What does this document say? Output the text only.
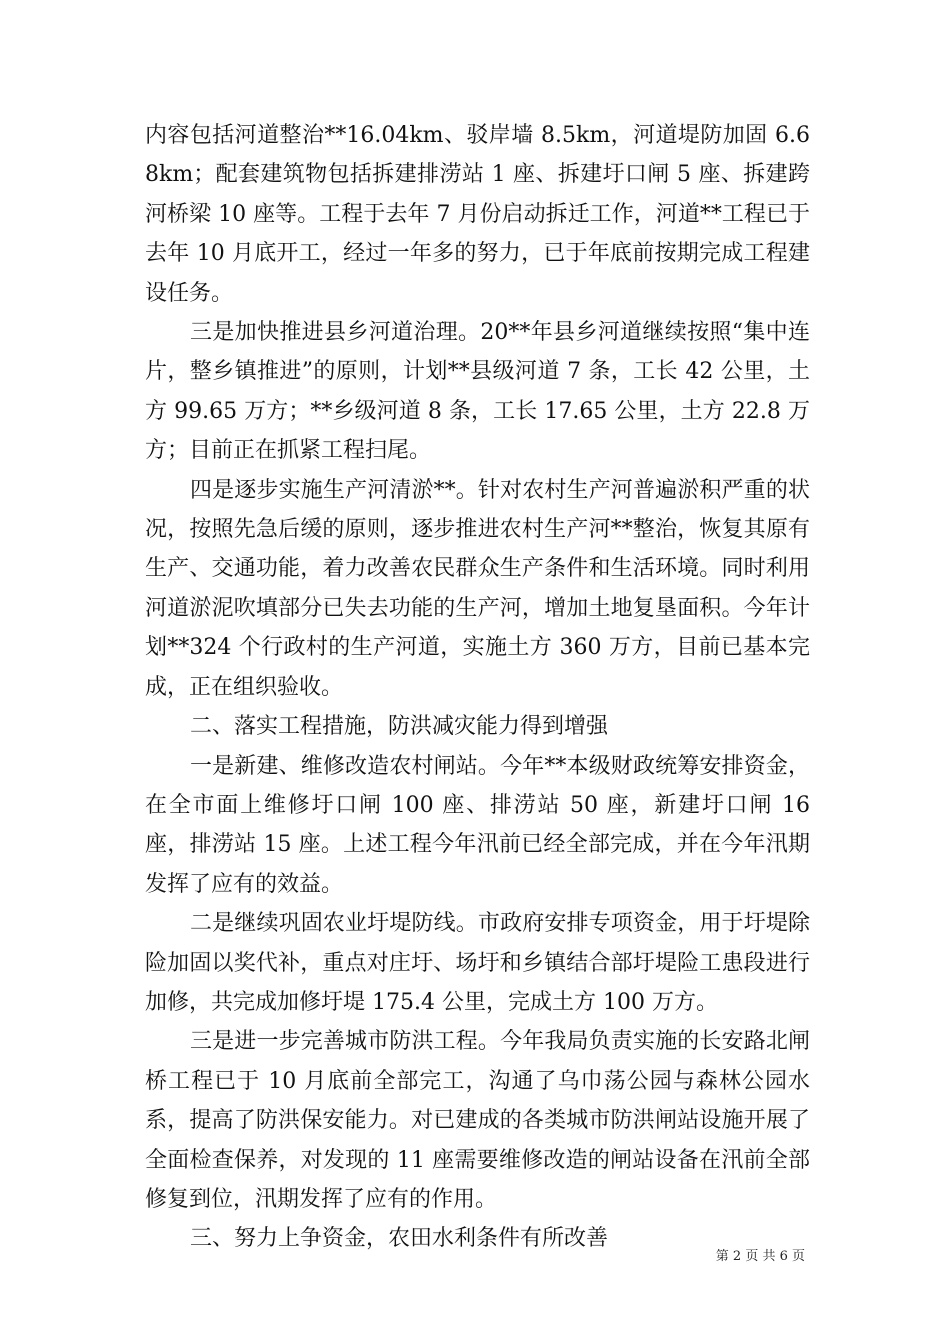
内容包括河道整治**16.04km、驳岸墙 8.5km，河道堤防加固 6.68km；配套建筑物包括拆建排涝站 1 座、拆建圩口闸 5 座、拆建跨河桥梁 10 座等。工程于去年 7 月份启动拆迁工作，河道**工程已于去年 10 月底开工，经过一年多的努力，已于年底前按期完成工程建设任务。

三是加快推进县乡河道治理。20**年县乡河道继续按照“集中连片，整乡镇推进”的原则，计划**县级河道 7 条，工长 42 公里，土方 99.65 万方；**乡级河道 8 条，工长 17.65 公里，土方 22.8 万方；目前正在抓紧工程扫尾。

四是逐步实施生产河清淤**。针对农村生产河普遍淤积严重的状况，按照先急后缓的原则，逐步推进农村生产河**整治，恢复其原有生产、交通功能，着力改善农民群众生产条件和生活环境。同时利用河道淤泥吹填部分已失去功能的生产河，增加土地复垦面积。今年计划**324 个行政村的生产河道，实施土方 360 万方，目前已基本完成，正在组织验收。

二、落实工程措施，防洪减灾能力得到增强

一是新建、维修改造农村闸站。今年**本级财政统筹安排资金，在全市面上维修圩口闸 100 座、排涝站 50 座，新建圩口闸 16 座，排涝站 15 座。上述工程今年汛前已经全部完成，并在今年汛期发挥了应有的效益。

二是继续巩固农业圩堤防线。市政府安排专项资金，用于圩堤除险加固以奖代补，重点对庄圩、场圩和乡镇结合部圩堤险工患段进行加修，共完成加修圩堤 175.4 公里，完成土方 100 万方。

三是进一步完善城市防洪工程。今年我局负责实施的长安路北闸桥工程已于 10 月底前全部完工，沟通了乌巾荡公园与森林公园水系，提高了防洪保安能力。对已建成的各类城市防洪闸站设施开展了全面检查保养，对发现的 11 座需要维修改造的闸站设备在汛前全部修复到位，汛期发挥了应有的作用。

三、努力上争资金，农田水利条件有所改善

第 2 页 共 6 页
